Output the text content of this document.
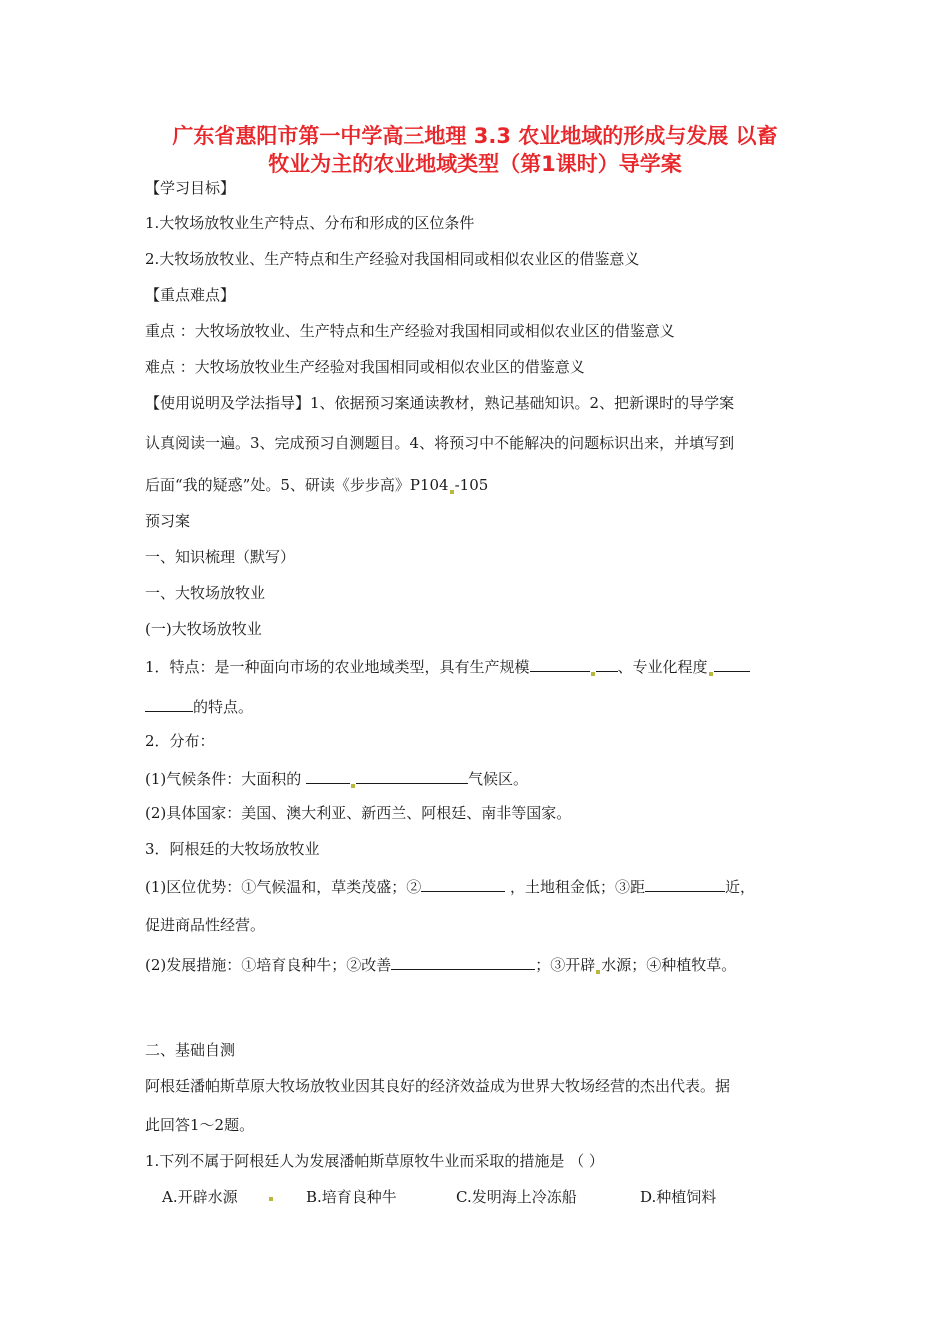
广东省惠阳市第一中学高三地理 3.3 农业地域的形成与发展 以畜
牧业为主的农业地域类型（第1课时）导学案
【学习目标】
1.大牧场放牧业生产特点、分布和形成的区位条件
2.大牧场放牧业、生产特点和生产经验对我国相同或相似农业区的借鉴意义
【重点难点】
重点 ：大牧场放牧业、生产特点和生产经验对我国相同或相似农业区的借鉴意义
难点 ：大牧场放牧业生产经验对我国相同或相似农业区的借鉴意义
【使用说明及学法指导】1、依据预习案通读教材，熟记基础知识。2、把新课时的导学案
认真阅读一遍。3、完成预习自测题目。4、将预习中不能解决的问题标识出来，并填写到
后面“我的疑惑”处。5、研读《步步高》P104 -105
预习案
一、知识梳理（默写）
一、大牧场放牧业
(一)大牧场放牧业
1．特点：是一种面向市场的农业地域类型，具有生产规模	、专业化程度
的特点。
2．分布：
(1)气候条件：大面积的	气候区。
(2)具体国家：美国、澳大利亚、新西兰、阿根廷、南非等国家。
3．阿根廷的大牧场放牧业
(1)区位优势：①气候温和，草类茂盛；②	，土地租金低；③距	近，
促进商品性经营。
(2)发展措施：①培育良种牛；②改善	；③开辟 水源；④种植牧草。
二、基础自测
阿根廷潘帕斯草原大牧场放牧业因其良好的经济效益成为世界大牧场经营的杰出代表。据
此回答1～2题。
1.下列不属于阿根廷人为发展潘帕斯草原牧牛业而采取的措施是 （ ）
A.开辟水源	B.培育良种牛	C.发明海上冷冻船	D.种植饲料
